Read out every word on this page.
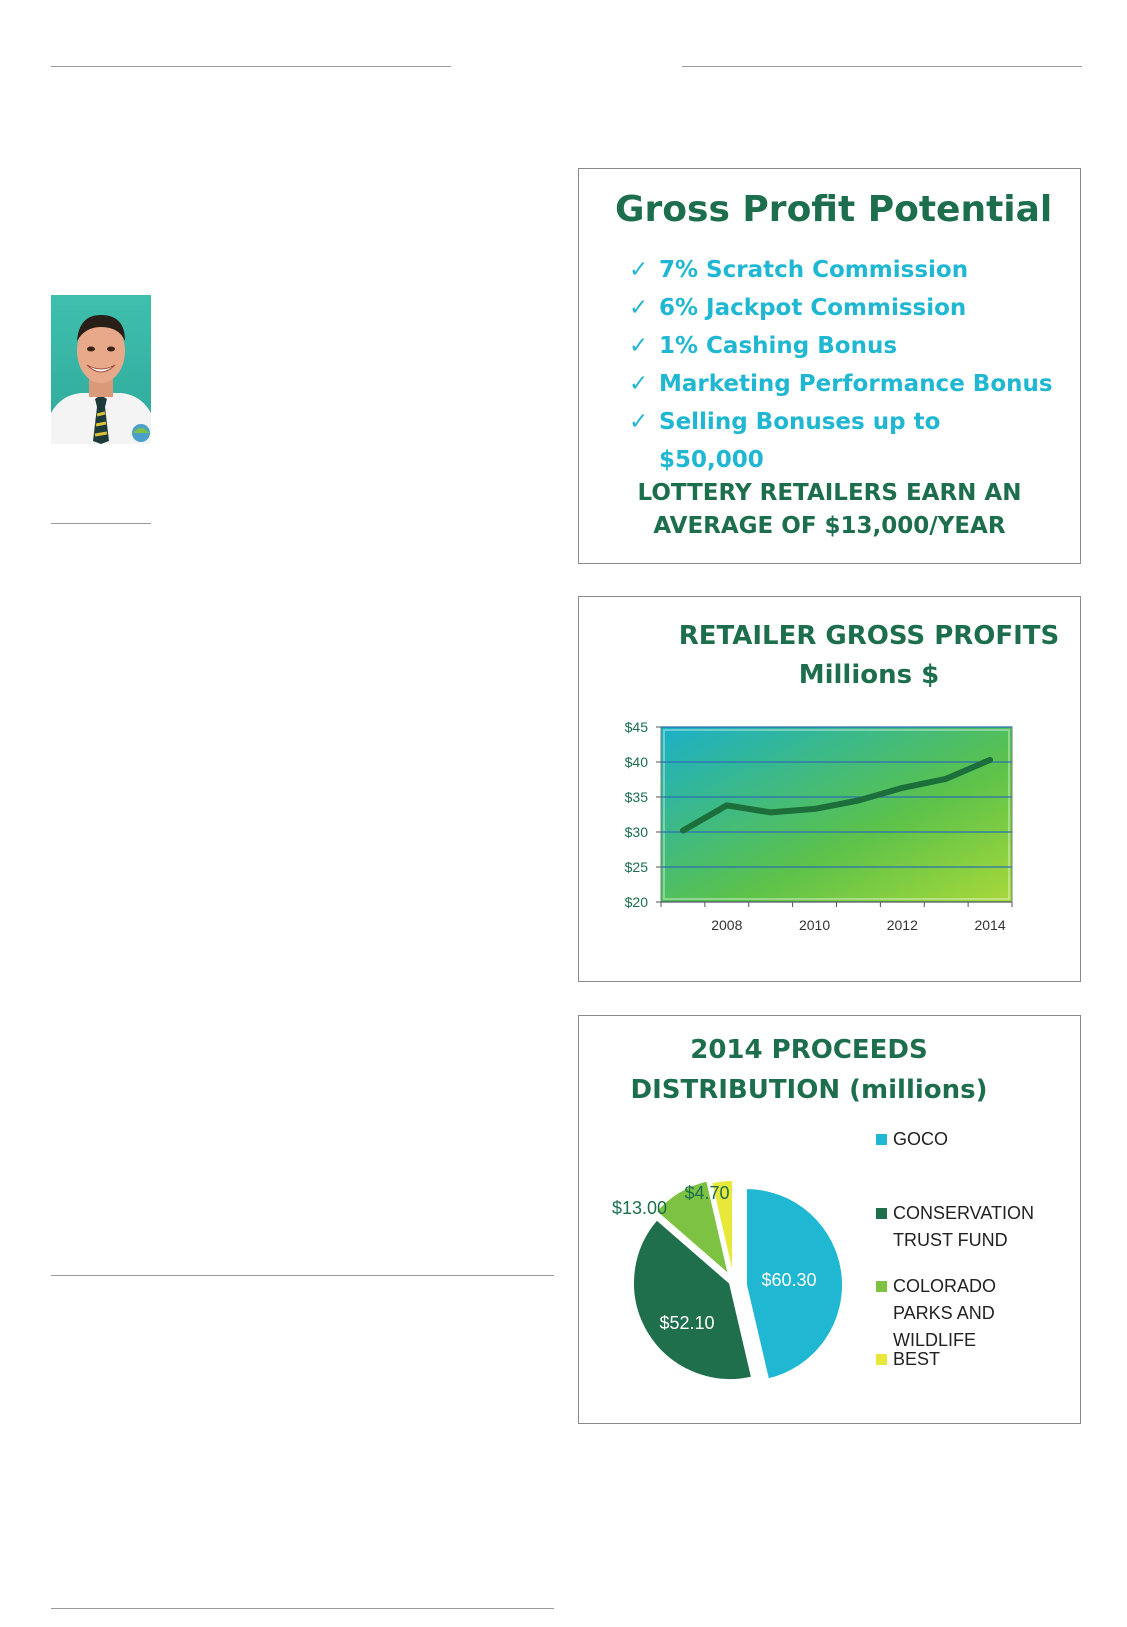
Gross Profit Potential
✓ 7% Scratch Commission
✓ 6% Jackpot Commission
✓ 1% Cashing Bonus
✓ Marketing Performance Bonus
✓ Selling Bonuses up to
$50,000
LOTTERY RETAILERS EARN AN
AVERAGE OF $13,000/YEAR
RETAILER GROSS PROFITS
Millions $
$20
$25
$30
$35
$40
$45
2008	2010	2012	2014
2014 PROCEEDS
DISTRIBUTION (millions)
$60.30
$52.10
$13.00
$4.70
GOCO
CONSERVATION
TRUST FUND
COLORADO
PARKS AND
WILDLIFE
BEST
